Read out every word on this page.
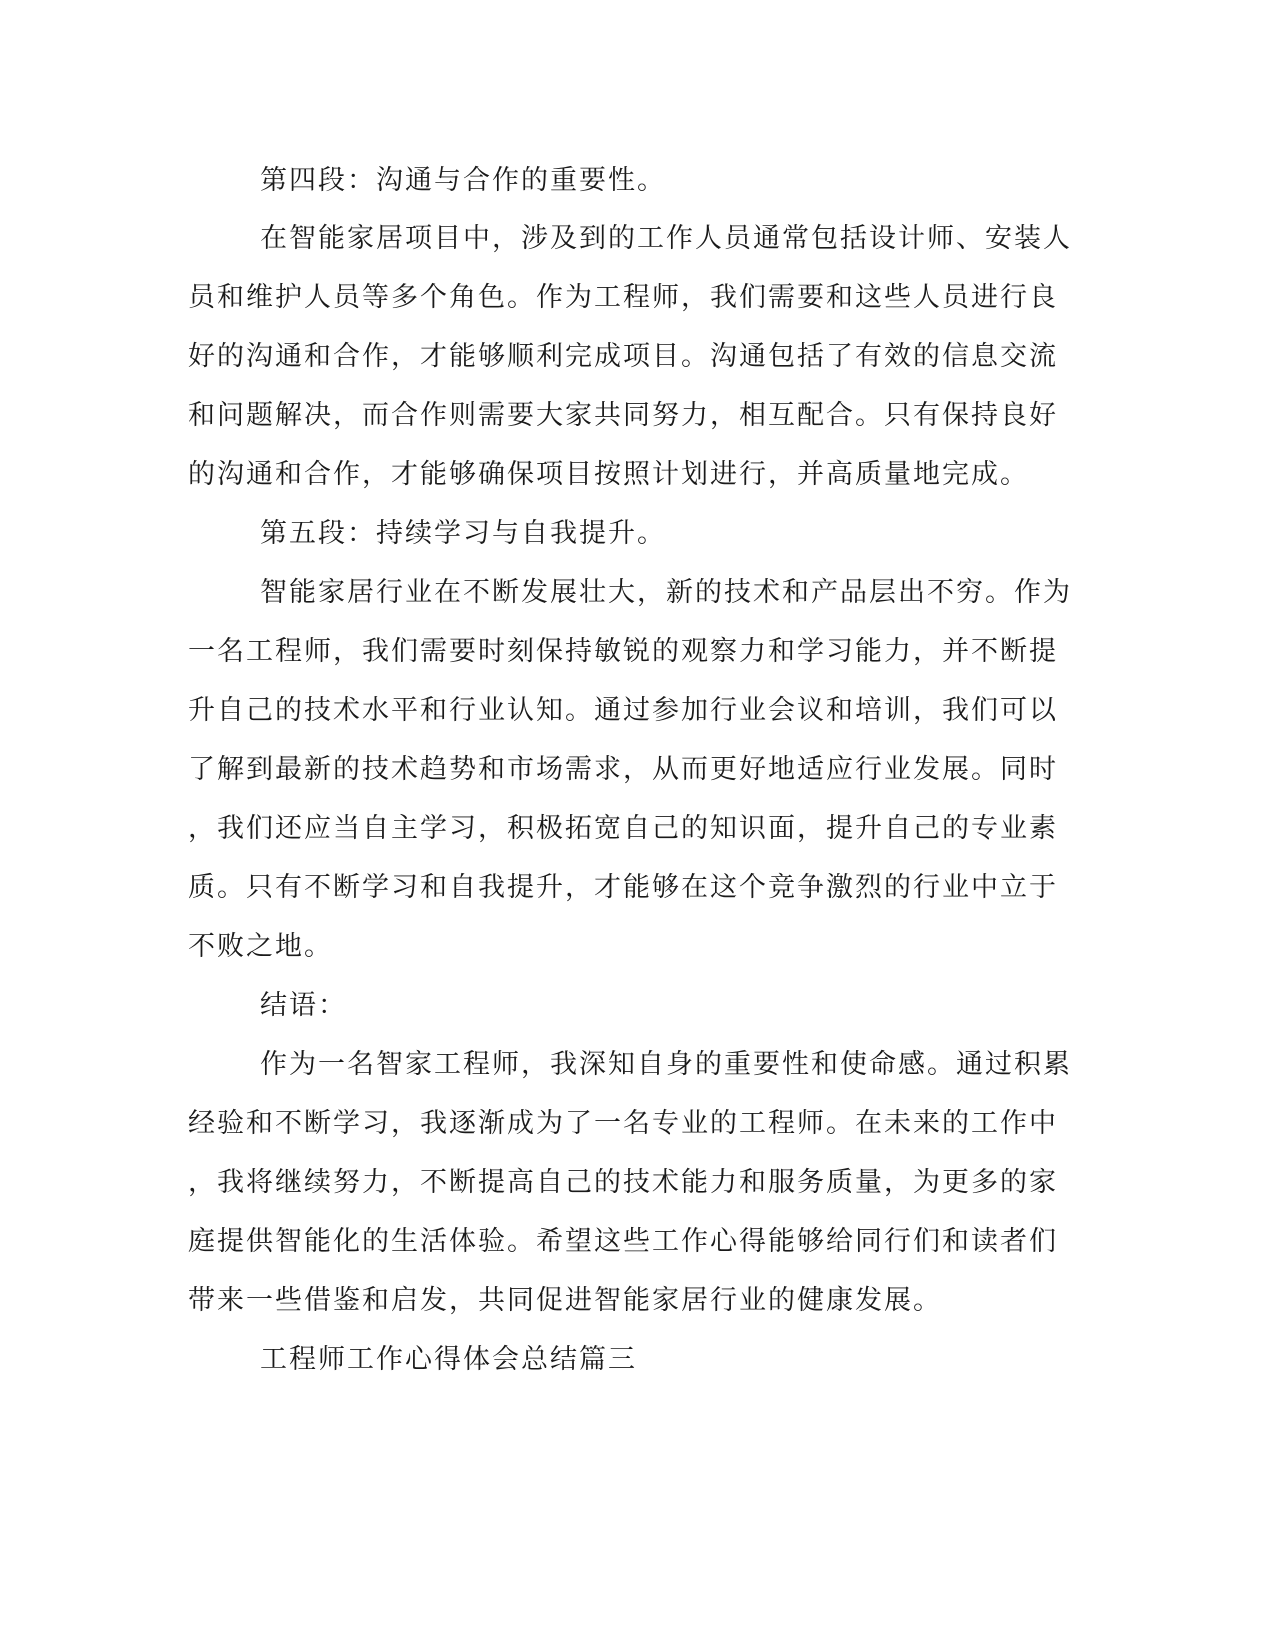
第四段：沟通与合作的重要性。
在智能家居项目中，涉及到的工作人员通常包括设计师、安装人
员和维护人员等多个角色。作为工程师，我们需要和这些人员进行良
好的沟通和合作，才能够顺利完成项目。沟通包括了有效的信息交流
和问题解决，而合作则需要大家共同努力，相互配合。只有保持良好
的沟通和合作，才能够确保项目按照计划进行，并高质量地完成。
第五段：持续学习与自我提升。
智能家居行业在不断发展壮大，新的技术和产品层出不穷。作为
一名工程师，我们需要时刻保持敏锐的观察力和学习能力，并不断提
升自己的技术水平和行业认知。通过参加行业会议和培训，我们可以
了解到最新的技术趋势和市场需求，从而更好地适应行业发展。同时
，我们还应当自主学习，积极拓宽自己的知识面，提升自己的专业素
质。只有不断学习和自我提升，才能够在这个竞争激烈的行业中立于
不败之地。
结语：
作为一名智家工程师，我深知自身的重要性和使命感。通过积累
经验和不断学习，我逐渐成为了一名专业的工程师。在未来的工作中
，我将继续努力，不断提高自己的技术能力和服务质量，为更多的家
庭提供智能化的生活体验。希望这些工作心得能够给同行们和读者们
带来一些借鉴和启发，共同促进智能家居行业的健康发展。
工程师工作心得体会总结篇三
